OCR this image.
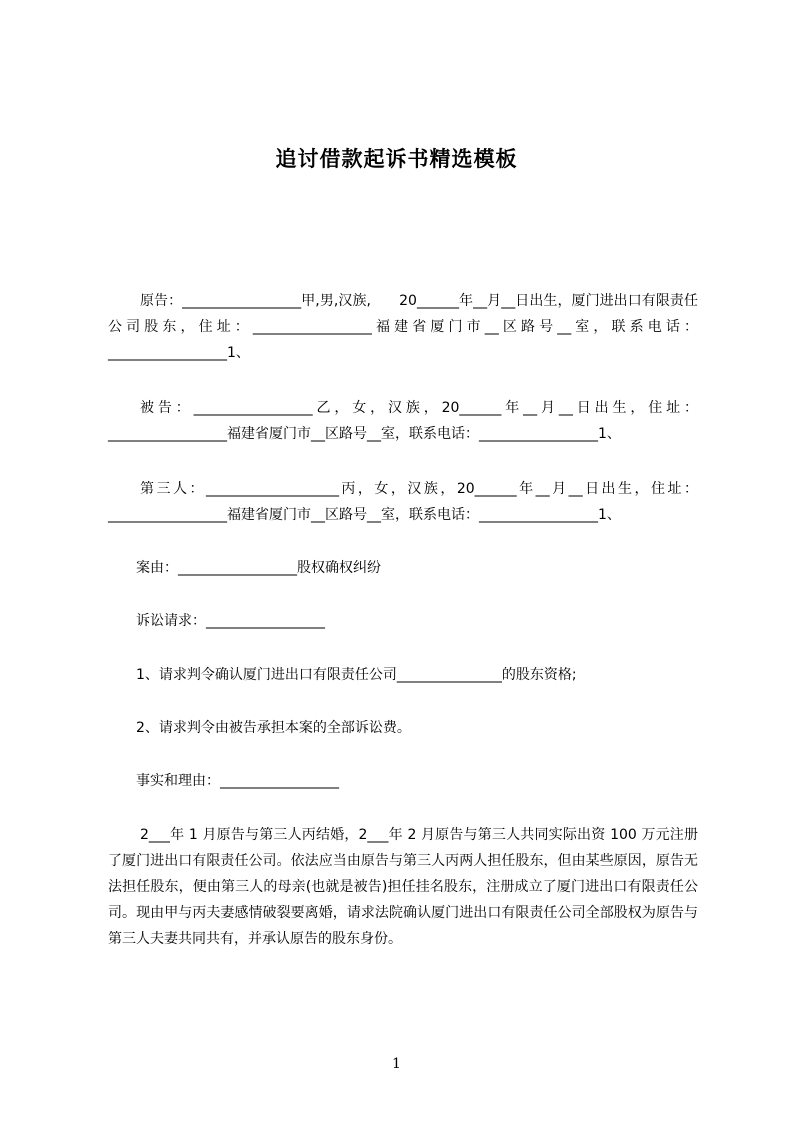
追讨借款起诉书精选模板

原告：_________________甲,男,汉族,　　20______年__月__日出生，厦门进出口有限责任公司股东，住址：_________________福建省厦门市__区路号__室，联系电话：_________________1、

被告：_________________乙，女，汉族，20______年__月__日出生，住址：_________________福建省厦门市__区路号__室，联系电话：_________________1、

第三人：___________________丙，女，汉族，20______年__月__日出生，住址：_________________福建省厦门市__区路号__室，联系电话：_________________1、

案由：_________________股权确权纠纷

诉讼请求：_________________

1、请求判令确认厦门进出口有限责任公司_______________的股东资格;

2、请求判令由被告承担本案的全部诉讼费。

事实和理由：_________________

2___年 1 月原告与第三人丙结婚，2___年 2 月原告与第三人共同实际出资 100 万元注册了厦门进出口有限责任公司。依法应当由原告与第三人丙两人担任股东，但由某些原因，原告无法担任股东，便由第三人的母亲(也就是被告)担任挂名股东，注册成立了厦门进出口有限责任公司。现由甲与丙夫妻感情破裂要离婚，请求法院确认厦门进出口有限责任公司全部股权为原告与第三人夫妻共同共有，并承认原告的股东身份。

1
